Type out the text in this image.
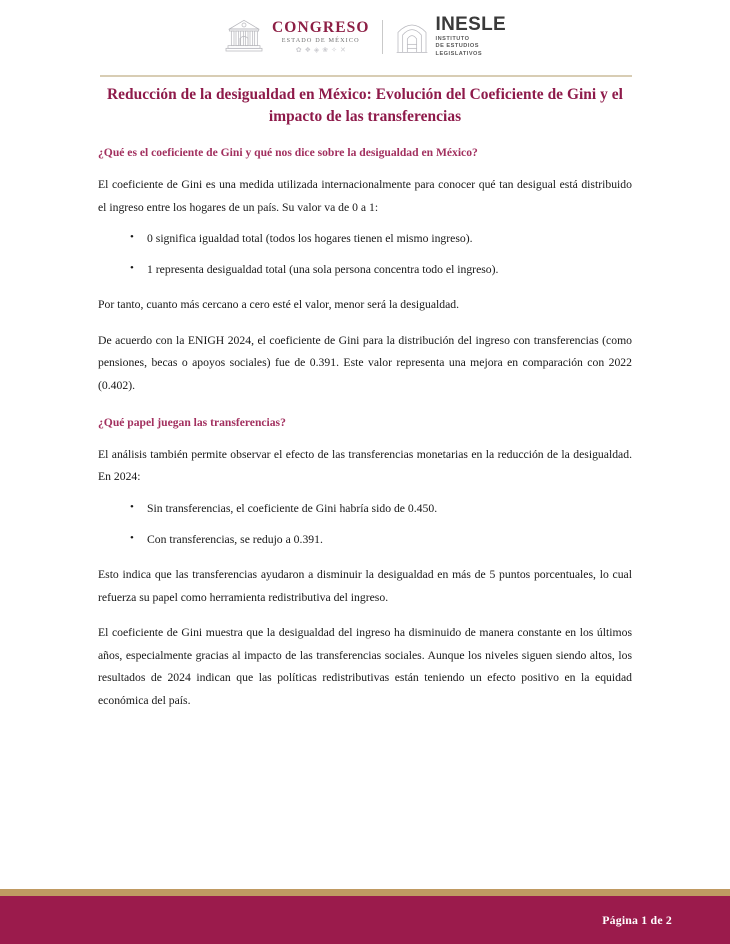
CONGRESO
ESTADO DE MÉXICO
✿ ❖ ◈ ❀ ✧ ✕
INESLE
INSTITUTO
DE ESTUDIOS
LEGISLATIVOS
Reducción de la desigualdad en México: Evolución del Coeficiente de Gini y el impacto de las transferencias
¿Qué es el coeficiente de Gini y qué nos dice sobre la desigualdad en México?

El coeficiente de Gini es una medida utilizada internacionalmente para conocer qué tan desigual está distribuido el ingreso entre los hogares de un país. Su valor va de 0 a 1:

• 0 significa igualdad total (todos los hogares tienen el mismo ingreso).
• 1 representa desigualdad total (una sola persona concentra todo el ingreso).

Por tanto, cuanto más cercano a cero esté el valor, menor será la desigualdad.

De acuerdo con la ENIGH 2024, el coeficiente de Gini para la distribución del ingreso con transferencias (como pensiones, becas o apoyos sociales) fue de 0.391. Este valor representa una mejora en comparación con 2022 (0.402).

¿Qué papel juegan las transferencias?

El análisis también permite observar el efecto de las transferencias monetarias en la reducción de la desigualdad. En 2024:

• Sin transferencias, el coeficiente de Gini habría sido de 0.450.
• Con transferencias, se redujo a 0.391.

Esto indica que las transferencias ayudaron a disminuir la desigualdad en más de 5 puntos porcentuales, lo cual refuerza su papel como herramienta redistributiva del ingreso.

El coeficiente de Gini muestra que la desigualdad del ingreso ha disminuido de manera constante en los últimos años, especialmente gracias al impacto de las transferencias sociales. Aunque los niveles siguen siendo altos, los resultados de 2024 indican que las políticas redistributivas están teniendo un efecto positivo en la equidad económica del país.

Página 1 de 2
